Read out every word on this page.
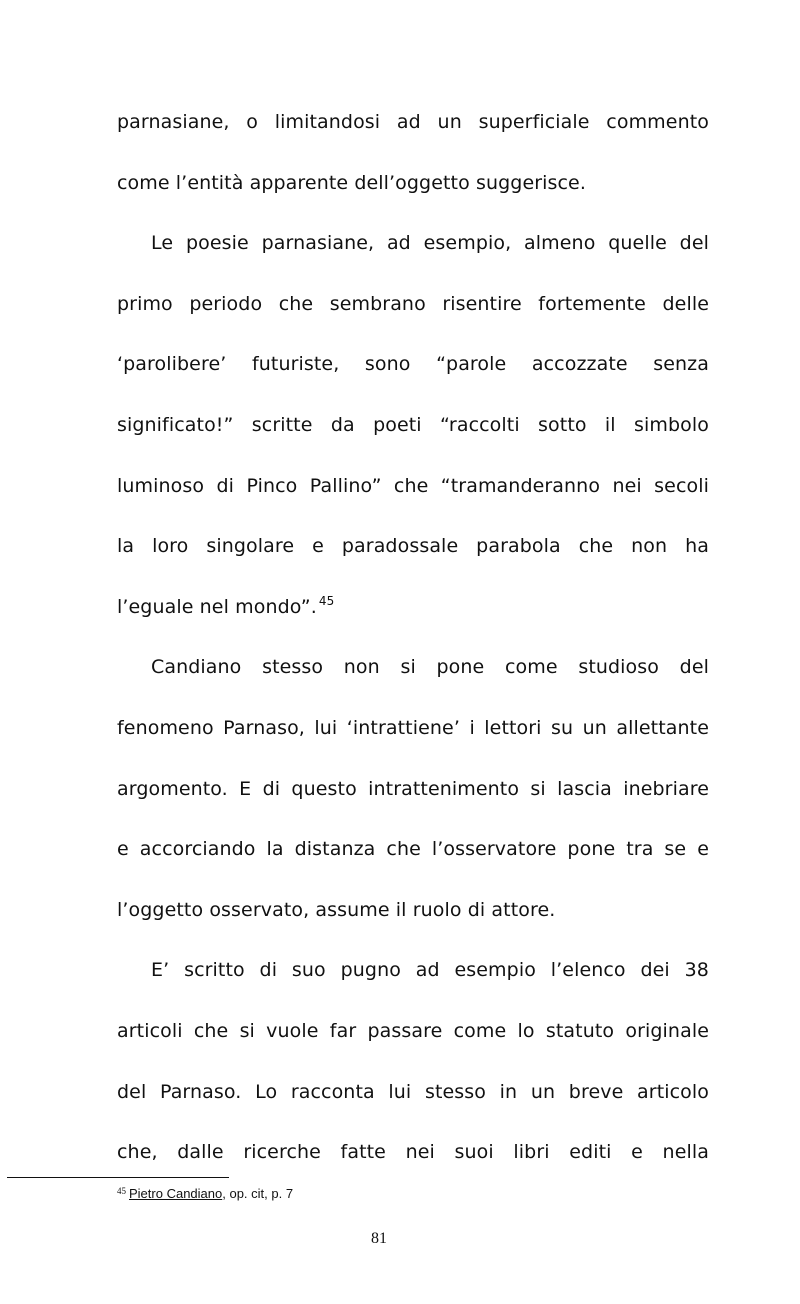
parnasiane, o limitandosi ad un superficiale commento
come l’entità apparente dell’oggetto suggerisce.
Le poesie parnasiane, ad esempio, almeno quelle del
primo periodo che sembrano risentire fortemente delle
‘parolibere’ futuriste, sono “parole accozzate senza
significato!” scritte da poeti “raccolti sotto il simbolo
luminoso di Pinco Pallino” che “tramanderanno nei secoli
la loro singolare e paradossale parabola che non ha
l’eguale nel mondo”. $^{45}$
Candiano stesso non si pone come studioso del
fenomeno Parnaso, lui ‘intrattiene’ i lettori su un allettante
argomento. E di questo intrattenimento si lascia inebriare
e accorciando la distanza che l’osservatore pone tra se e
l’oggetto osservato, assume il ruolo di attore.
E’ scritto di suo pugno ad esempio l’elenco dei 38
articoli che si vuole far passare come lo statuto originale
del Parnaso. Lo racconta lui stesso in un breve articolo
che, dalle ricerche fatte nei suoi libri editi e nella
$^{45}$ Pietro Candiano, op. cit, p. 7
81
